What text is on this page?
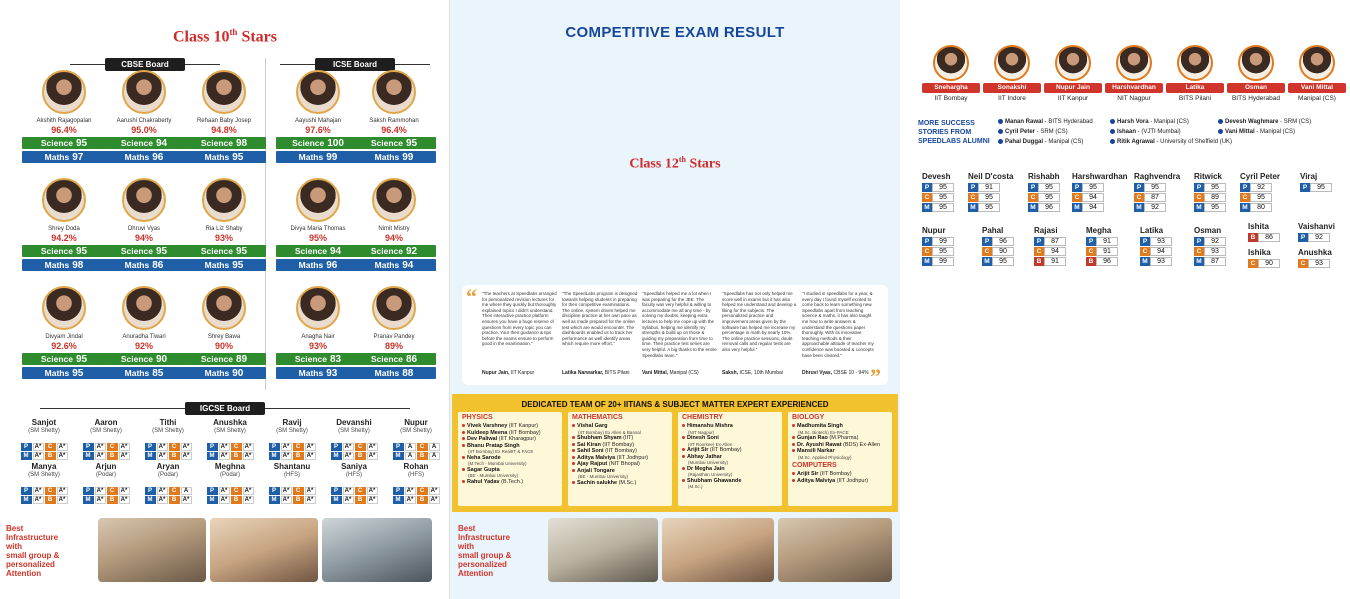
Class 10th Stars
CBSE Board	ICSE Board
Akshith Rajagopalan
96.4%
Science 95
Maths 97
Aarushi Chakraberty
95.0%
Science 94
Maths 96
Rehaan Baby Josep
94.8%
Science 98
Maths 95
Shrey Doda
94.2%
Science 95
Maths 98
Dhruvi Vyas
94%
Science 95
Maths 86
Ria Liz Shaby
93%
Science 95
Maths 95
Divyam Jindal
92.6%
Science 95
Maths 95
Anuradha Tiwari
92%
Science 90
Maths 85
Shrey Bawa
90%
Science 89
Maths 90
Aayushi Mahajan
97.6%
Science 100
Maths 99
Saksh Rammohan
96.4%
Science 95
Maths 99
Divya Maria Thomas
95%
Science 94
Maths 96
Nimit Mistry
94%
Science 92
Maths 94
Anagha Nair
93%
Science 83
Maths 93
Pranav Pandey
89%
Science 86
Maths 88
IGCSE Board
Sanjot
(SM Shetty)
P	A*	C	A*
M	A*	B	A*
Aaron
(SM Shetty)
P	A*	C	A*
M	A*	B	A*
Tithi
(SM Shetty)
P	A*	C	A*
M	A*	B	A*
Anushka
(SM Shetty)
P	A*	C	A*
M	A*	B	A*
Ravij
(SM Shetty)
P	A*	C	A*
M	A*	B	A*
Devanshi
(SM Shetty)
P	A*	C	A*
M	A*	B	A*
Nupur
(SM Shetty)
P	A	C	A
M	A	B	A
Manya
(SM Shetty)
P	A*	C	A*
M	A*	B	A*
Arjun
(Podar)
P	A*	C	A*
M	A*	B	A*
Aryan
(Podar)
P	A*	C	A
M	A*	B	A*
Meghna
(Podar)
P	A*	C	A*
M	A*	B	A*
Shantanu
(HFS)
P	A*	C	A*
M	A*	B	A*
Saniya
(HFS)
P	A*	C	A*
M	A*	B	A*
Rohan
(HFS)
P	A*	C	A*
M	A*	B	A*
Best
Infrastructure
with
small group &
personalized
Attention
COMPETITIVE EXAM RESULT
Snehargha
IIT Bombay
Sonakshi
IIT Indore
Nupur Jain
IIT Kanpur
Harshvardhan
NIT Nagpur
Latika
BITS Pilani
Osman
BITS Hyderabad
Vani Mittal
Manipal (CS)
MORE SUCCESS
STORIES FROM
SPEEDLABS ALUMNI
Manan Rawal - BITS Hyderabad	Harsh Vora - Manipal (CS)	Devesh Waghmare - SRM (CS)
Cyril Peter - SRM (CS)	Ishaan - (VJTI Mumbai)	Vani Mittal - Manipal (CS)
Pahal Duggal - Manipal (CS)	Ritik Agrawal - University of Sheffield (UK)
Class 12th Stars
Devesh
P	95
C	95
M	95
Neil D'costa
P	91
C	95
M	95
Rishabh
P	95
C	95
M	96
Harshwardhan
P	95
C	94
M	94
Raghvendra
P	95
C	87
M	92
Ritwick
P	95
C	89
M	95
Cyril Peter
P	92
C	95
M	80
Viraj
P	95
Nupur
P	99
C	95
M	99
Pahal
P	96
C	90
M	95
Rajasi
P	87
C	94
B	91
Megha
P	91
C	91
B	96
Latika
P	93
C	94
M	93
Osman
P	92
C	93
M	87
Ishita
B	86
Vaishanvi
P	92
Ishika
C	90
Anushka
C	93
“
”
"The teachers at Speedlabs arranged for personalized revision lectures for me where they quickly but thoroughly explained topics I didn't understand. Their interactive practice platform ensures you have a huge reserve of questions from every topic you can practice. Your their guidance & tips before the exams ensure to perform good in the examination."
Nupur Jain, IIT Kanpur
"The SpeedLabs program is designed towards helping students in preparing for their competitive examinations. The online, system driven helped me discipline practice at her own pace as well as made prepared for the online test which are would encounter. The dashboards enabled us to track her performance as well identify areas which require more effort."
Latika Narwarkar, BITS Pilani
"Speedlabs helped me a lot when I was preparing for the JEE. The faculty was very helpful & willing to accommodate me all any time - by solving my doubts, keeping extra lectures to help me cope up with the syllabus, helping me identify my strengths & build up on those & guiding my preparation from time to time. Their practice test series are very helpful. A big thanks to the entire Speedlabs team."
Vani Mittal, Manipal (CS)
"Speedlabs has not only helped me score well in exams but it has also helped me understand and develop a liking for the subjects. The personalized practice and improvement areas given by the software has helped me increase my percentage in math by nearly 10%. The online practice sessions, doubt removal calls and regular tests are also very helpful."
Saksh, ICSE, 10th Mumbai
"I studied in speedlabs for a year, & every day I found myself excited to come back to learn something new. Speedlabs apart from teaching science & maths, it has also taught me how to write answers & understand the questions paper thoroughly. With its innovative teaching methods & their approachable attitude of teacher my confidence was boosted & concepts have been cleared."
Dhruvi Vyas, CBSE 10 - 94%
DEDICATED TEAM OF 20+ IITIANS & SUBJECT MATTER EXPERT EXPERIENCED
PHYSICS
Vivek Varshney (IIT Kanpur)
Kuldeep Meena (IIT Bombay)
Dev Paliwal (IIT Kharagpur)
Bhanu Pratap Singh
(IIT Bombay) Ex RealIIT & FACE
Neha Sarode
(M.Tech - Mumbai University)
Sagar Gupta
(BE - Mumbai University)
Rahul Yadav (B.Tech.)
MATHEMATICS
Vishal Garg
(IIT Bombay) Ex Allen & Bansal
Shubham Shyam (IIT)
Sai Kiran (IIT Bombay)
Sahil Soni (IIT Bombay)
Aditya Malviya (IIT Jodhpur)
Ajay Rajput (NIT Bhopal)
Anjali Tongare
(BE - Mumbai University)
Sachin salukhe (M.Sc.)
CHEMISTRY
Himanshu Mishra
(NIT Nagpur)
Dinesh Soni
(IIT Roorkee) Ex-Allen
Arijit Sir (IIT Bombay)
Abhay Jathar
(Mumbai University)
Dr Megha Jain
(Rajasthan University)
Shubham Ghawande
(M.Sc.)
BIOLOGY
Madhumita Singh
(M.Sc. Biotech) Ex-PACE
Gunjan Rao (M.Pharma)
Dr. Ayushi Rawat (BDS) Ex-Allen
Mansili Narkar
(M.Sc. Applied Physiology)
COMPUTERS
Arijit Sir (IIT Bombay)
Aditya Malviya (IIT Jodhpur)
Best
Infrastructure
with
small group &
personalized
Attention
